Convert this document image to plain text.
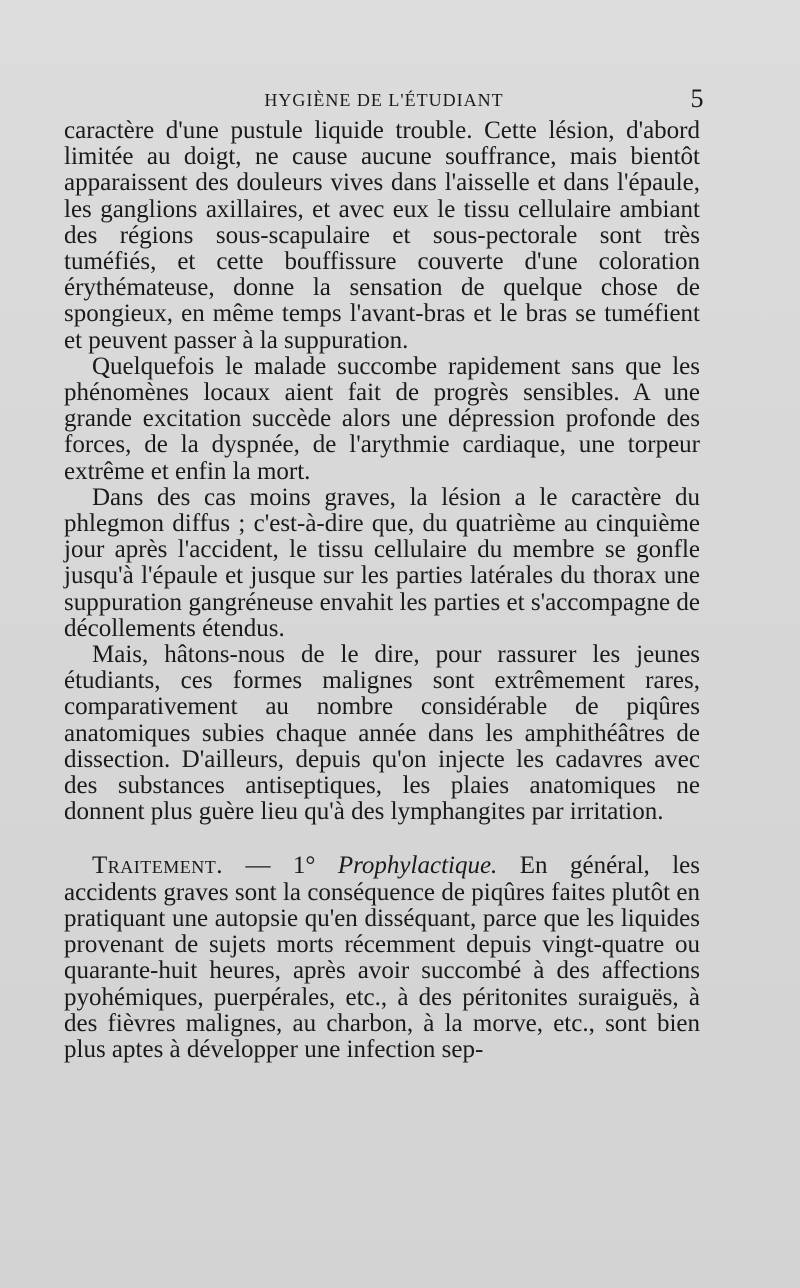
HYGIÈNE DE L'ÉTUDIANT	5

caractère d'une pustule liquide trouble. Cette lésion, d'abord limitée au doigt, ne cause aucune souffrance, mais bientôt apparaissent des douleurs vives dans l'aisselle et dans l'épaule, les ganglions axillaires, et avec eux le tissu cellulaire ambiant des régions sous-scapulaire et sous-pectorale sont très tuméfiés, et cette bouffissure couverte d'une coloration érythémateuse, donne la sensation de quelque chose de spongieux, en même temps l'avant-bras et le bras se tuméfient et peuvent passer à la suppuration.

Quelquefois le malade succombe rapidement sans que les phénomènes locaux aient fait de progrès sensibles. A une grande excitation succède alors une dépression profonde des forces, de la dyspnée, de l'arythmie cardiaque, une torpeur extrême et enfin la mort.

Dans des cas moins graves, la lésion a le caractère du phlegmon diffus ; c'est-à-dire que, du quatrième au cinquième jour après l'accident, le tissu cellulaire du membre se gonfle jusqu'à l'épaule et jusque sur les parties latérales du thorax une suppuration gangréneuse envahit les parties et s'accompagne de décollements étendus.

Mais, hâtons-nous de le dire, pour rassurer les jeunes étudiants, ces formes malignes sont extrêmement rares, comparativement au nombre considérable de piqûres anatomiques subies chaque année dans les amphithéâtres de dissection. D'ailleurs, depuis qu'on injecte les cadavres avec des substances antiseptiques, les plaies anatomiques ne donnent plus guère lieu qu'à des lymphangites par irritation.

Traitement. — 1° Prophylactique. En général, les accidents graves sont la conséquence de piqûres faites plutôt en pratiquant une autopsie qu'en disséquant, parce que les liquides provenant de sujets morts récemment depuis vingt-quatre ou quarante-huit heures, après avoir succombé à des affections pyohémiques, puerpérales, etc., à des péritonites suraiguës, à des fièvres malignes, au charbon, à la morve, etc., sont bien plus aptes à développer une infection sep-
